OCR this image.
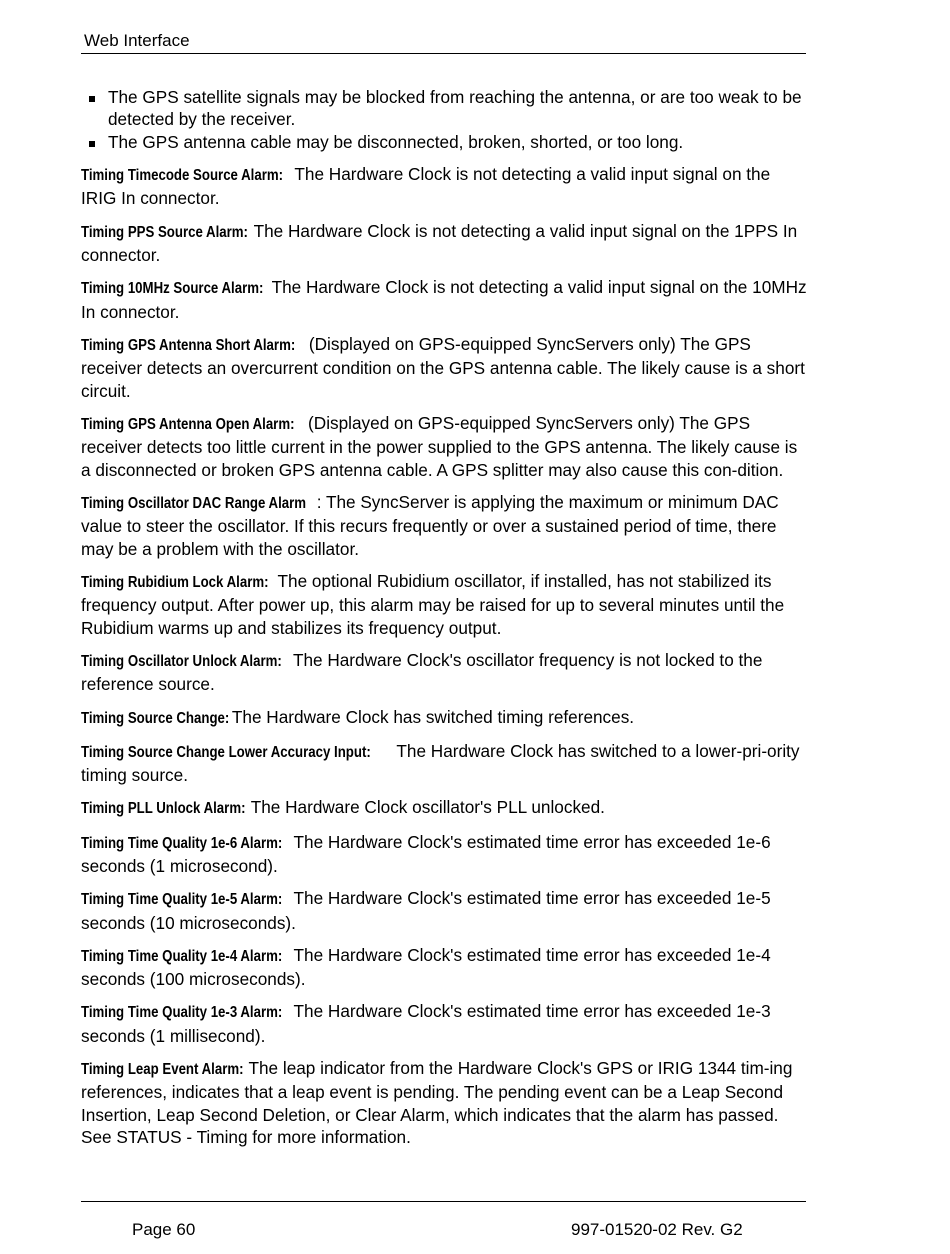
Web Interface
The GPS satellite signals may be blocked from reaching the antenna, or are too weak to be detected by the receiver.
The GPS antenna cable may be disconnected, broken, shorted, or too long.
Timing Timecode Source Alarm: The Hardware Clock is not detecting a valid input signal on the IRIG In connector.
Timing PPS Source Alarm: The Hardware Clock is not detecting a valid input signal on the 1PPS In connector.
Timing 10MHz Source Alarm: The Hardware Clock is not detecting a valid input signal on the 10MHz In connector.
Timing GPS Antenna Short Alarm: (Displayed on GPS-equipped SyncServers only) The GPS receiver detects an overcurrent condition on the GPS antenna cable. The likely cause is a short circuit.
Timing GPS Antenna Open Alarm: (Displayed on GPS-equipped SyncServers only) The GPS receiver detects too little current in the power supplied to the GPS antenna. The likely cause is a disconnected or broken GPS antenna cable. A GPS splitter may also cause this con-dition.
Timing Oscillator DAC Range Alarm : The SyncServer is applying the maximum or minimum DAC value to steer the oscillator. If this recurs frequently or over a sustained period of time, there may be a problem with the oscillator.
Timing Rubidium Lock Alarm: The optional Rubidium oscillator, if installed, has not stabilized its frequency output. After power up, this alarm may be raised for up to several minutes until the Rubidium warms up and stabilizes its frequency output.
Timing Oscillator Unlock Alarm: The Hardware Clock's oscillator frequency is not locked to the reference source.
Timing Source Change: The Hardware Clock has switched timing references.
Timing Source Change Lower Accuracy Input: The Hardware Clock has switched to a lower-pri-ority timing source.
Timing PLL Unlock Alarm: The Hardware Clock oscillator's PLL unlocked.
Timing Time Quality 1e-6 Alarm: The Hardware Clock's estimated time error has exceeded 1e-6 seconds (1 microsecond).
Timing Time Quality 1e-5 Alarm: The Hardware Clock's estimated time error has exceeded 1e-5 seconds (10 microseconds).
Timing Time Quality 1e-4 Alarm: The Hardware Clock's estimated time error has exceeded 1e-4 seconds (100 microseconds).
Timing Time Quality 1e-3 Alarm: The Hardware Clock's estimated time error has exceeded 1e-3 seconds (1 millisecond).
Timing Leap Event Alarm: The leap indicator from the Hardware Clock's GPS or IRIG 1344 tim-ing references, indicates that a leap event is pending. The pending event can be a Leap Second Insertion, Leap Second Deletion, or Clear Alarm, which indicates that the alarm has passed. See STATUS - Timing for more information.
Page 60	997-01520-02 Rev. G2
